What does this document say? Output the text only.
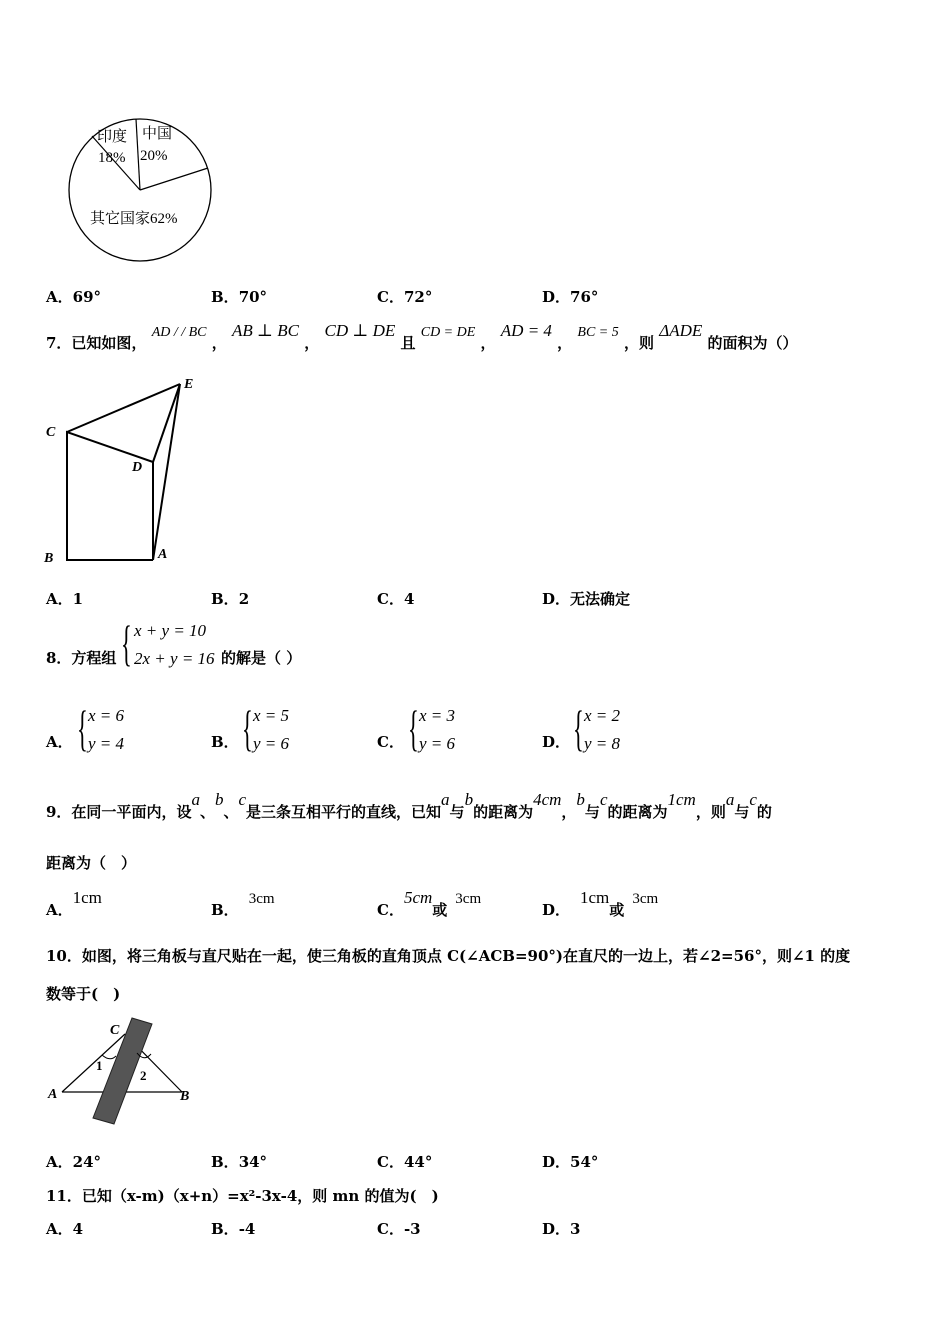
印度
18%
中国
20%
其它国家62%
A．69°	B．70°	C．72°	D．76°
7．已知如图， AD / / BC ， AB ⊥ BC ， CD ⊥ DE 且 CD = DE ， AD = 4 ， BC = 5 ，则 ΔADE 的面积为（）
E
C
D
B	A
A．1	B．2	C．4	D．无法确定
8．方程组 { x + y = 10
2x + y = 16 的解是（ ）
A． { x = 6
y = 4	B． { x = 5
y = 6	C． { x = 3
y = 6	D． { x = 2
y = 8
9．在同一平面内，设a、b、c是三条互相平行的直线，已知a与b的距离为4cm，b与c的距离为1cm，则a与c的
距离为（　）
A．1cm
B．3cm
C．5cm或3cm
D．1cm或3cm
10．如图，将三角板与直尺贴在一起，使三角板的直角顶点 C(∠ACB=90°)在直尺的一边上，若∠2=56°，则∠1 的度
数等于(　)
C
A	B
1
2
A．24°	B．34°	C．44°	D．54°
11．已知（x-m)（x+n）=x²-3x-4，则 mn 的值为(　)
A．4	B．-4	C．-3	D．3
